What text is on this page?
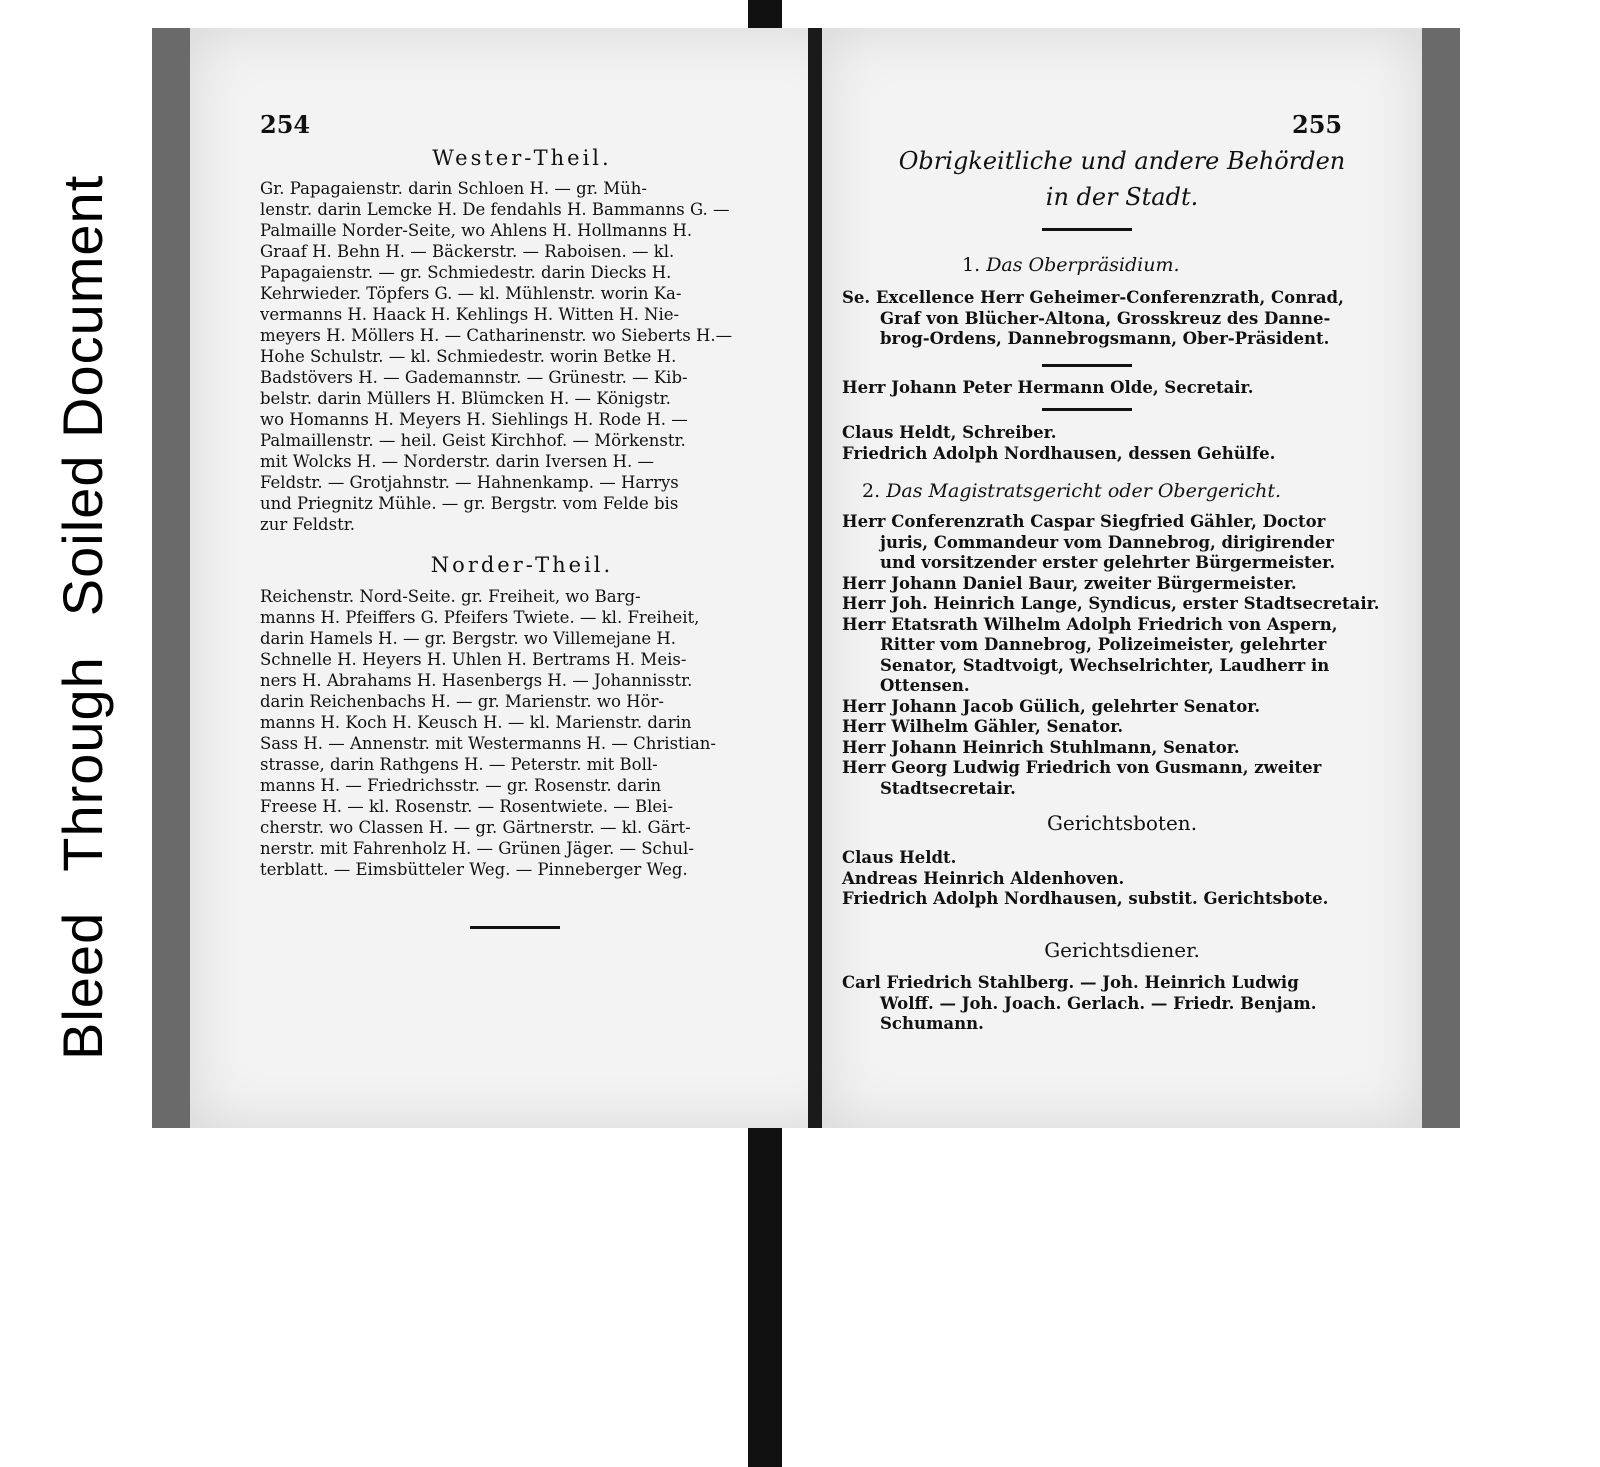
BleedThroughSoiled Document
254
Wester-Theil.
Gr. Papagaienstr. darin Schloen H. — gr. Müh-
lenstr. darin Lemcke H. De fendahls H. Bammanns G. —
Palmaille Norder-Seite, wo Ahlens H. Hollmanns H.
Graaf H. Behn H. — Bäckerstr. — Raboisen. — kl.
Papagaienstr. — gr. Schmiedestr. darin Diecks H.
Kehrwieder. Töpfers G. — kl. Mühlenstr. worin Ka-
vermanns H. Haack H. Kehlings H. Witten H. Nie-
meyers H. Möllers H. — Catharinenstr. wo Sieberts H.—
Hohe Schulstr. — kl. Schmiedestr. worin Betke H.
Badstövers H. — Gademannstr. — Grünestr. — Kib-
belstr. darin Müllers H. Blümcken H. — Königstr.
wo Homanns H. Meyers H. Siehlings H. Rode H. —
Palmaillenstr. — heil. Geist Kirchhof. — Mörkenstr.
mit Wolcks H. — Norderstr. darin Iversen H. —
Feldstr. — Grotjahnstr. — Hahnenkamp. — Harrys
und Priegnitz Mühle. — gr. Bergstr. vom Felde bis
zur Feldstr.
Norder-Theil.
Reichenstr. Nord-Seite. gr. Freiheit, wo Barg-
manns H. Pfeiffers G. Pfeifers Twiete. — kl. Freiheit,
darin Hamels H. — gr. Bergstr. wo Villemejane H.
Schnelle H. Heyers H. Uhlen H. Bertrams H. Meis-
ners H. Abrahams H. Hasenbergs H. — Johannisstr.
darin Reichenbachs H. — gr. Marienstr. wo Hör-
manns H. Koch H. Keusch H. — kl. Marienstr. darin
Sass H. — Annenstr. mit Westermanns H. — Christian-
strasse, darin Rathgens H. — Peterstr. mit Boll-
manns H. — Friedrichsstr. — gr. Rosenstr. darin
Freese H. — kl. Rosenstr. — Rosentwiete. — Blei-
cherstr. wo Classen H. — gr. Gärtnerstr. — kl. Gärt-
nerstr. mit Fahrenholz H. — Grünen Jäger. — Schul-
terblatt. — Eimsbütteler Weg. — Pinneberger Weg.
255
Obrigkeitliche und andere Behörden
in der Stadt.
1. Das Oberpräsidium.
Se. Excellence Herr Geheimer-Conferenzrath, Conrad,
Graf von Blücher-Altona, Grosskreuz des Danne-
brog-Ordens, Dannebrogsmann, Ober-Präsident.
Herr Johann Peter Hermann Olde, Secretair.
Claus Heldt, Schreiber.
Friedrich Adolph Nordhausen, dessen Gehülfe.
2. Das Magistratsgericht oder Obergericht.
Herr Conferenzrath Caspar Siegfried Gähler, Doctor
juris, Commandeur vom Dannebrog, dirigirender
und vorsitzender erster gelehrter Bürgermeister.
Herr Johann Daniel Baur, zweiter Bürgermeister.
Herr Joh. Heinrich Lange, Syndicus, erster Stadtsecretair.
Herr Etatsrath Wilhelm Adolph Friedrich von Aspern,
Ritter vom Dannebrog, Polizeimeister, gelehrter
Senator, Stadtvoigt, Wechselrichter, Laudherr in
Ottensen.
Herr Johann Jacob Gülich, gelehrter Senator.
Herr Wilhelm Gähler, Senator.
Herr Johann Heinrich Stuhlmann, Senator.
Herr Georg Ludwig Friedrich von Gusmann, zweiter
Stadtsecretair.
Gerichtsboten.
Claus Heldt.
Andreas Heinrich Aldenhoven.
Friedrich Adolph Nordhausen, substit. Gerichtsbote.
Gerichtsdiener.
Carl Friedrich Stahlberg. — Joh. Heinrich Ludwig
Wolff. — Joh. Joach. Gerlach. — Friedr. Benjam.
Schumann.
